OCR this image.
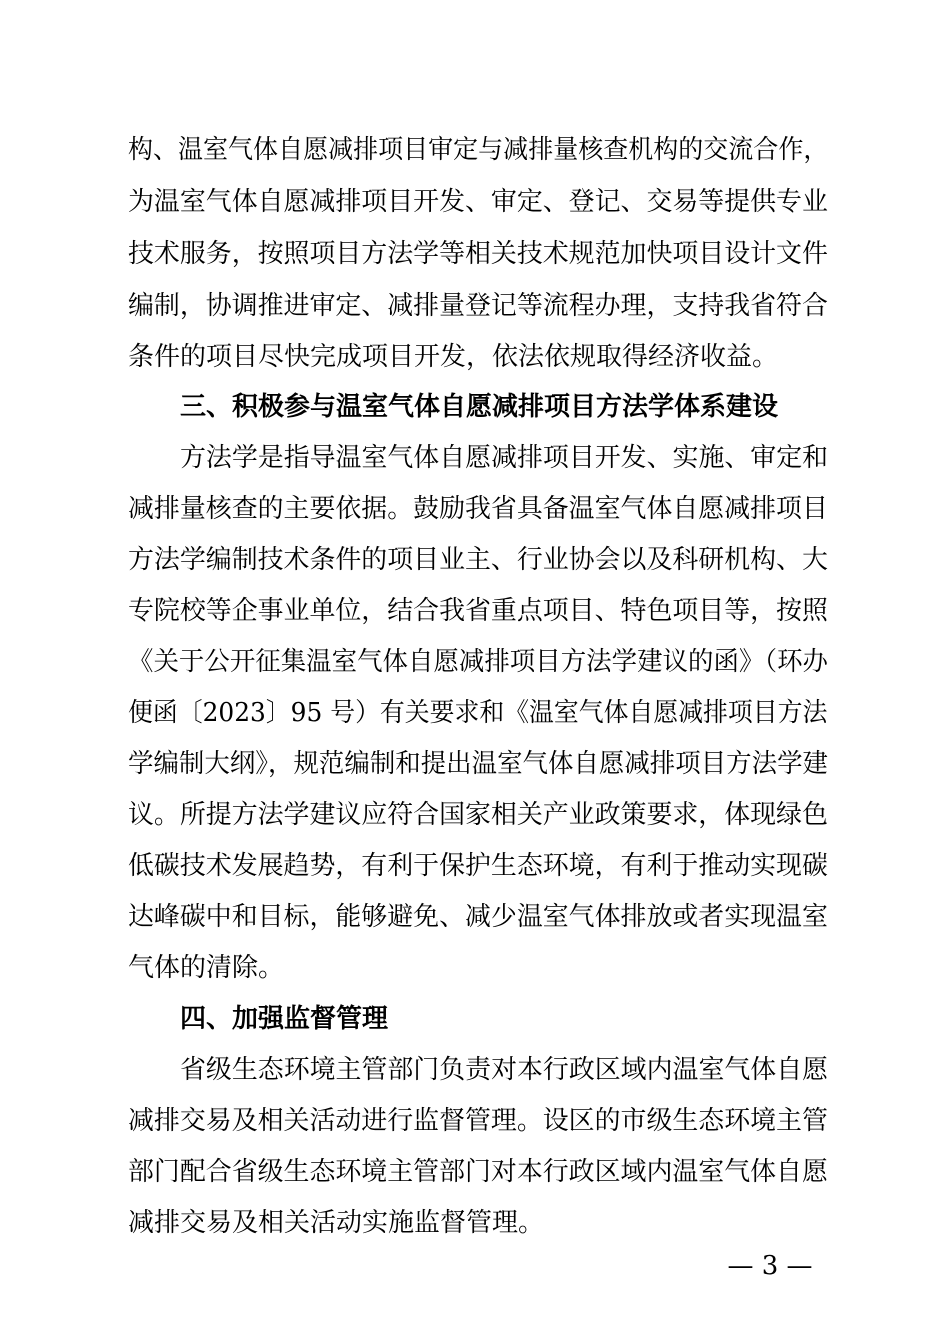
构、温室气体自愿减排项目审定与减排量核查机构的交流合作，
为温室气体自愿减排项目开发、审定、登记、交易等提供专业
技术服务，按照项目方法学等相关技术规范加快项目设计文件
编制，协调推进审定、减排量登记等流程办理，支持我省符合
条件的项目尽快完成项目开发，依法依规取得经济收益。
三、积极参与温室气体自愿减排项目方法学体系建设
方法学是指导温室气体自愿减排项目开发、实施、审定和
减排量核查的主要依据。鼓励我省具备温室气体自愿减排项目
方法学编制技术条件的项目业主、行业协会以及科研机构、大
专院校等企事业单位，结合我省重点项目、特色项目等，按照
《关于公开征集温室气体自愿减排项目方法学建议的函》（环办
便函〔2023〕95 号）有关要求和《温室气体自愿减排项目方法
学编制大纲》，规范编制和提出温室气体自愿减排项目方法学建
议。所提方法学建议应符合国家相关产业政策要求，体现绿色
低碳技术发展趋势，有利于保护生态环境，有利于推动实现碳
达峰碳中和目标，能够避免、减少温室气体排放或者实现温室
气体的清除。
四、加强监督管理
省级生态环境主管部门负责对本行政区域内温室气体自愿
减排交易及相关活动进行监督管理。设区的市级生态环境主管
部门配合省级生态环境主管部门对本行政区域内温室气体自愿
减排交易及相关活动实施监督管理。
— 3 —
